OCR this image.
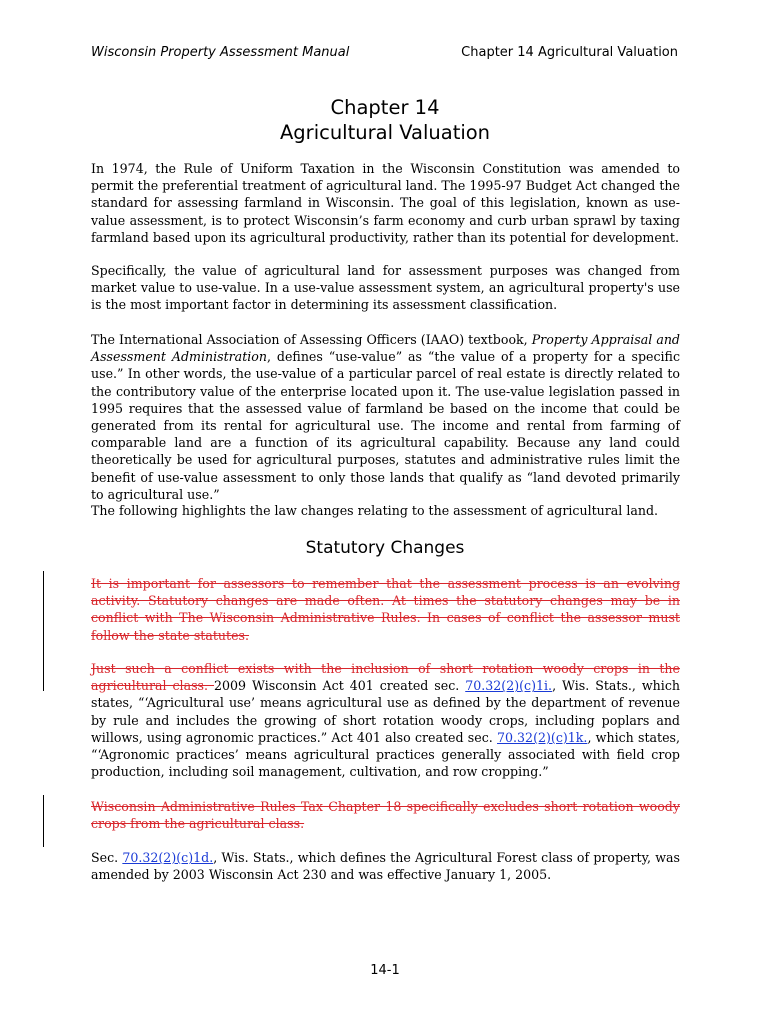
Wisconsin Property Assessment Manual	Chapter 14 Agricultural Valuation
Chapter 14
Agricultural Valuation

In 1974, the Rule of Uniform Taxation in the Wisconsin Constitution was amended to permit the preferential treatment of agricultural land. The 1995-97 Budget Act changed the standard for assessing farmland in Wisconsin. The goal of this legislation, known as use-value assessment, is to protect Wisconsin’s farm economy and curb urban sprawl by taxing farmland based upon its agricultural productivity, rather than its potential for development.

Specifically, the value of agricultural land for assessment purposes was changed from market value to use-value. In a use-value assessment system, an agricultural property's use is the most important factor in determining its assessment classification.

The International Association of Assessing Officers (IAAO) textbook, Property Appraisal and Assessment Administration, defines “use-value” as “the value of a property for a specific use.” In other words, the use-value of a particular parcel of real estate is directly related to the contributory value of the enterprise located upon it. The use-value legislation passed in 1995 requires that the assessed value of farmland be based on the income that could be generated from its rental for agricultural use. The income and rental from farming of comparable land are a function of its agricultural capability. Because any land could theoretically be used for agricultural purposes, statutes and administrative rules limit the benefit of use-value assessment to only those lands that qualify as “land devoted primarily to agricultural use.”

The following highlights the law changes relating to the assessment of agricultural land.

Statutory Changes

It is important for assessors to remember that the assessment process is an evolving activity. Statutory changes are made often. At times the statutory changes may be in conflict with The Wisconsin Administrative Rules. In cases of conflict the assessor must follow the state statutes.

Just such a conflict exists with the inclusion of short rotation woody crops in the agricultural class. 2009 Wisconsin Act 401 created sec. 70.32(2)(c)1i., Wis. Stats., which states, “‘Agricultural use’ means agricultural use as defined by the department of revenue by rule and includes the growing of short rotation woody crops, including poplars and willows, using agronomic practices.” Act 401 also created sec. 70.32(2)(c)1k., which states, “‘Agronomic practices’ means agricultural practices generally associated with field crop production, including soil management, cultivation, and row cropping.”

Wisconsin Administrative Rules Tax Chapter 18 specifically excludes short rotation woody crops from the agricultural class.

Sec. 70.32(2)(c)1d., Wis. Stats., which defines the Agricultural Forest class of property, was amended by 2003 Wisconsin Act 230 and was effective January 1, 2005.

14-1
